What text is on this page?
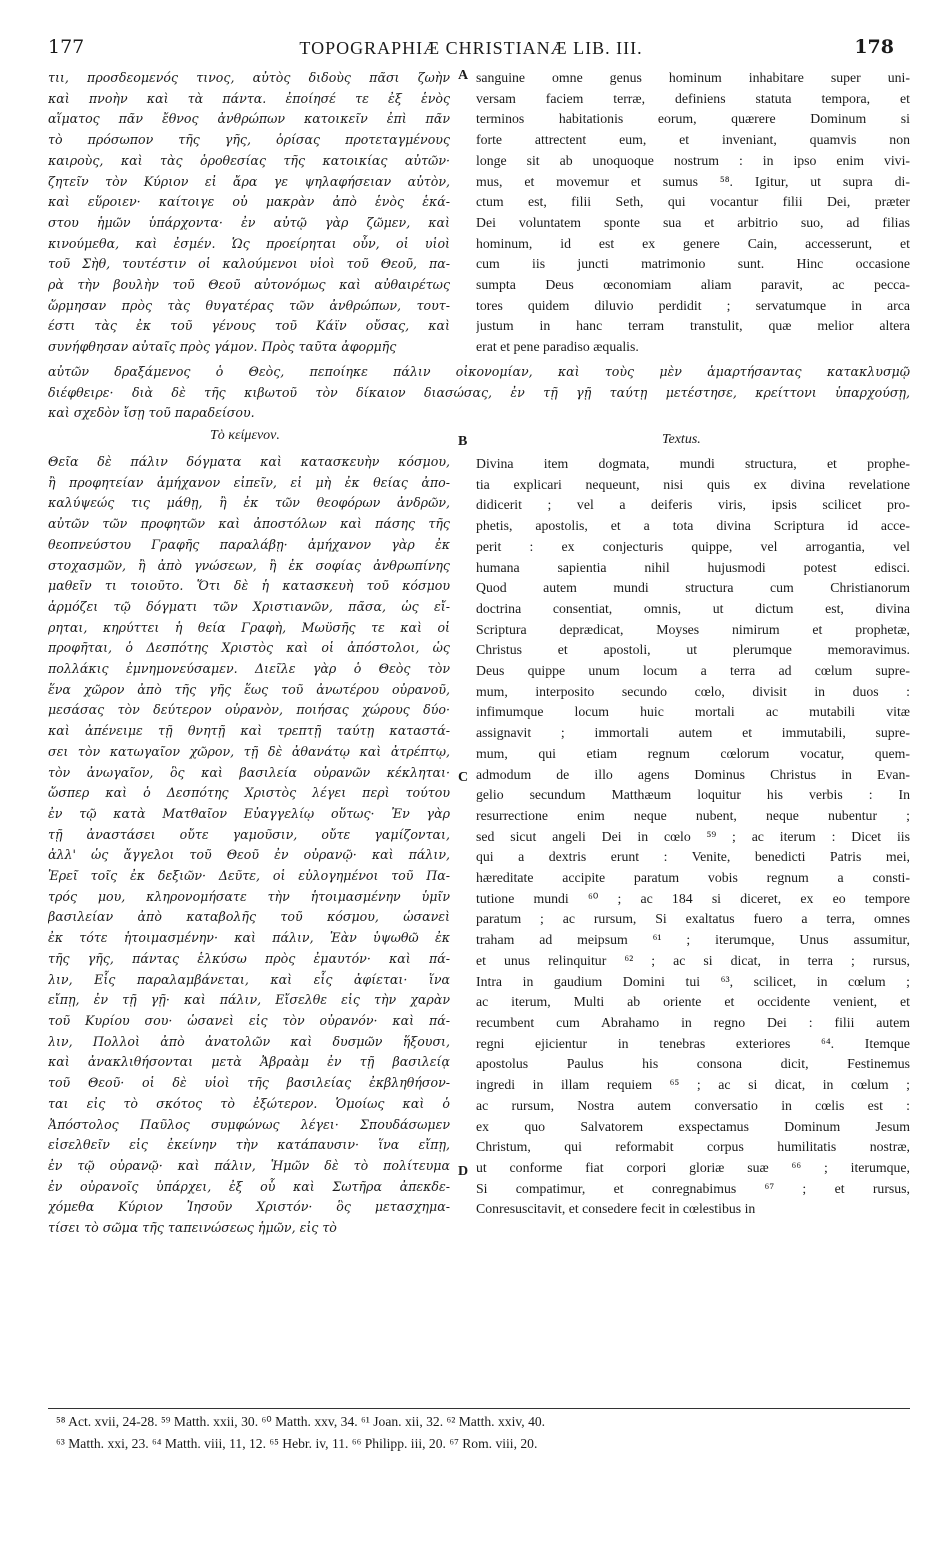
177	TOPOGRAPHIÆ CHRISTIANÆ LIB. III.	178
τιι, προσδεομενός τινος, αὐτὸς διδοὺς πᾶσι ζωὴν
καὶ πνοὴν καὶ τὰ πάντα. ἐποίησέ τε ἐξ ἑνὸς
αἵματος πᾶν ἔθνος ἀνθρώπων κατοικεῖν ἐπὶ πᾶν
τὸ πρόσωπον τῆς γῆς, ὁρίσας προτεταγμένους
καιροὺς, καὶ τὰς ὁροθεσίας τῆς κατοικίας αὐτῶν·
ζητεῖν τὸν Κύριον εἰ ἄρα γε ψηλαφήσειαν αὐτὸν,
καὶ εὕροιεν· καίτοιγε οὐ μακρὰν ἀπὸ ἑνὸς ἑκά-
στου ἡμῶν ὑπάρχοντα· ἐν αὐτῷ γὰρ ζῶμεν, καὶ
κινούμεθα, καὶ ἐσμέν. Ὡς προείρηται οὖν, οἱ υἱοὶ
τοῦ Σὴθ, τουτέστιν οἱ καλούμενοι υἱοὶ τοῦ Θεοῦ, πα-
ρὰ τὴν βουλὴν τοῦ Θεοῦ αὐτονόμως καὶ αὐθαιρέτως
ὥρμησαν πρὸς τὰς θυγατέρας τῶν ἀνθρώπων, τουτ-
έστι τὰς ἐκ τοῦ γένους τοῦ Κάϊν οὔσας, καὶ
συνήφθησαν αὐταῖς πρὸς γάμον. Πρὸς ταῦτα ἀφορμῆς
A sanguine omne genus hominum inhabitare super uni-
versam faciem terræ, definiens statuta tempora, et
terminos habitationis eorum, quærere Dominum si
forte attrectent eum, et inveniant, quamvis non
longe sit ab unoquoque nostrum : in ipso enim vivi-
mus, et movemur et sumus ⁵⁸. Igitur, ut supra di-
ctum est, filii Seth, qui vocantur filii Dei, præter
Dei voluntatem sponte sua et arbitrio suo, ad filias
hominum, id est ex genere Cain, accesserunt, et
cum iis juncti matrimonio sunt. Hinc occasione
sumpta Deus œconomiam aliam paravit, ac pecca-
tores quidem diluvio perdidit ; servatumque in arca
justum in hanc terram transtulit, quæ melior altera
erat et pene paradiso æqualis.
αὐτῶν δραξάμενος ὁ Θεὸς, πεποίηκε πάλιν οἰκονομίαν, καὶ τοὺς μὲν ἁμαρτήσαντας κατακλυσμῷ
διέφθειρε· διὰ δὲ τῆς κιβωτοῦ τὸν δίκαιον διασώσας, ἐν τῇ γῇ ταύτῃ μετέστησε, κρείττονι ὑπαρχούσῃ,
καὶ σχεδὸν ἴσῃ τοῦ παραδείσου.
Τὸ κείμενον.	B	Textus.
Θεῖα δὲ πάλιν δόγματα καὶ κατασκευὴν κόσμου,
ἢ προφητείαν ἀμήχανον εἰπεῖν, εἰ μὴ ἐκ θείας ἀπο-
καλύψεώς τις μάθῃ, ἢ ἐκ τῶν θεοφόρων ἀνδρῶν,
αὐτῶν τῶν προφητῶν καὶ ἀποστόλων καὶ πάσης τῆς
θεοπνεύστου Γραφῆς παραλάβῃ· ἀμήχανον γὰρ ἐκ
στοχασμῶν, ἢ ἀπὸ γνώσεων, ἢ ἐκ σοφίας ἀνθρωπίνης
μαθεῖν τι τοιοῦτο. Ὅτι δὲ ἡ κατασκευὴ τοῦ κόσμου
ἁρμόζει τῷ δόγματι τῶν Χριστιανῶν, πᾶσα, ὡς εἴ-
ρηται, κηρύττει ἡ θεία Γραφὴ, Μωϋσῆς τε καὶ οἱ
προφῆται, ὁ Δεσπότης Χριστὸς καὶ οἱ ἀπόστολοι, ὡς
πολλάκις ἐμνημονεύσαμεν. Διεῖλε γὰρ ὁ Θεὸς τὸν
ἕνα χῶρον ἀπὸ τῆς γῆς ἕως τοῦ ἀνωτέρου οὐρανοῦ,
μεσάσας τὸν δεύτερον οὐρανὸν, ποιήσας χώρους δύο·
καὶ ἀπένειμε τῇ θνητῇ καὶ τρεπτῇ ταύτῃ καταστά-
σει τὸν κατωγαῖον χῶρον, τῇ δὲ ἀθανάτῳ καὶ ἀτρέπτῳ,
τὸν ἀνωγαῖον, ὃς καὶ βασιλεία οὐρανῶν κέκληται·
ὥσπερ καὶ ὁ Δεσπότης Χριστὸς λέγει περὶ τούτου
ἐν τῷ κατὰ Ματθαῖον Εὐαγγελίῳ οὕτως· Ἐν γὰρ
τῇ ἀναστάσει οὔτε γαμοῦσιν, οὔτε γαμίζονται,
ἀλλ' ὡς ἄγγελοι τοῦ Θεοῦ ἐν οὐρανῷ· καὶ πάλιν,
Ἐρεῖ τοῖς ἐκ δεξιῶν· Δεῦτε, οἱ εὐλογημένοι τοῦ Πα-
τρός μου, κληρονομήσατε τὴν ἡτοιμασμένην ὑμῖν
βασιλείαν ἀπὸ καταβολῆς τοῦ κόσμου, ὡσανεὶ
ἐκ τότε ἡτοιμασμένην· καὶ πάλιν, Ἐὰν ὑψωθῶ ἐκ
τῆς γῆς, πάντας ἑλκύσω πρὸς ἐμαυτόν· καὶ πά-
λιν, Εἷς παραλαμβάνεται, καὶ εἷς ἀφίεται· ἵνα
εἴπῃ, ἐν τῇ γῇ· καὶ πάλιν, Εἴσελθε εἰς τὴν χαρὰν
τοῦ Κυρίου σου· ὡσανεὶ εἰς τὸν οὐρανόν· καὶ πά-
λιν, Πολλοὶ ἀπὸ ἀνατολῶν καὶ δυσμῶν ἥξουσι,
καὶ ἀνακλιθήσονται μετὰ Ἀβραὰμ ἐν τῇ βασιλείᾳ
τοῦ Θεοῦ· οἱ δὲ υἱοὶ τῆς βασιλείας ἐκβληθήσον-
ται εἰς τὸ σκότος τὸ ἐξώτερον. Ὁμοίως καὶ ὁ
Ἀπόστολος Παῦλος συμφώνως λέγει· Σπουδάσωμεν
εἰσελθεῖν εἰς ἐκείνην τὴν κατάπαυσιν· ἵνα εἴπῃ,
ἐν τῷ οὐρανῷ· καὶ πάλιν, Ἡμῶν δὲ τὸ πολίτευμα
ἐν οὐρανοῖς ὑπάρχει, ἐξ οὗ καὶ Σωτῆρα ἀπεκδε-
χόμεθα Κύριον Ἰησοῦν Χριστόν· ὃς μετασχημα-
τίσει τὸ σῶμα τῆς ταπεινώσεως ἡμῶν, εἰς τὸ
C
D
Divina item dogmata, mundi structura, et prophe-
tia explicari nequeunt, nisi quis ex divina revelatione
didicerit ; vel a deiferis viris, ipsis scilicet pro-
phetis, apostolis, et a tota divina Scriptura id acce-
perit : ex conjecturis quippe, vel arrogantia, vel
humana sapientia nihil hujusmodi potest edisci.
Quod autem mundi structura cum Christianorum
doctrina consentiat, omnis, ut dictum est, divina
Scriptura deprædicat, Moyses nimirum et prophetæ,
Christus et apostoli, ut plerumque memoravimus.
Deus quippe unum locum a terra ad cœlum supre-
mum, interposito secundo cœlo, divisit in duos :
infimumque locum huic mortali ac mutabili vitæ
assignavit ; immortali autem et immutabili, supre-
mum, qui etiam regnum cœlorum vocatur, quem-
admodum de illo agens Dominus Christus in Evan-
gelio secundum Matthæum loquitur his verbis : In
resurrectione enim neque nubent, neque nubentur ;
sed sicut angeli Dei in cœlo ⁵⁹ ; ac iterum : Dicet iis
qui a dextris erunt : Venite, benedicti Patris mei,
hæreditate accipite paratum vobis regnum a consti-
tutione mundi ⁶⁰ ; ac 184 si diceret, ex eo tempore
paratum ; ac rursum, Si exaltatus fuero a terra, omnes
traham ad meipsum ⁶¹ ; iterumque, Unus assumitur,
et unus relinquitur ⁶² ; ac si dicat, in terra ; rursus,
Intra in gaudium Domini tui ⁶³, scilicet, in cœlum ;
ac iterum, Multi ab oriente et occidente venient, et
recumbent cum Abrahamo in regno Dei : filii autem
regni ejicientur in tenebras exteriores ⁶⁴. Itemque
apostolus Paulus his consona dicit, Festinemus
ingredi in illam requiem ⁶⁵ ; ac si dicat, in cœlum ;
ac rursum, Nostra autem conversatio in cœlis est :
ex quo Salvatorem exspectamus Dominum Jesum
Christum, qui reformabit corpus humilitatis nostræ,
ut conforme fiat corpori gloriæ suæ ⁶⁶ ; iterumque,
Si compatimur, et conregnabimus ⁶⁷ ; et rursus,
Conresuscitavit, et consedere fecit in cœlestibus in
⁵⁸ Act. xvii, 24-28. ⁵⁹ Matth. xxii, 30. ⁶⁰ Matth. xxv, 34. ⁶¹ Joan. xii, 32. ⁶² Matth. xxiv, 40.
⁶³ Matth. xxi, 23. ⁶⁴ Matth. viii, 11, 12. ⁶⁵ Hebr. iv, 11. ⁶⁶ Philipp. iii, 20. ⁶⁷ Rom. viii, 20.
